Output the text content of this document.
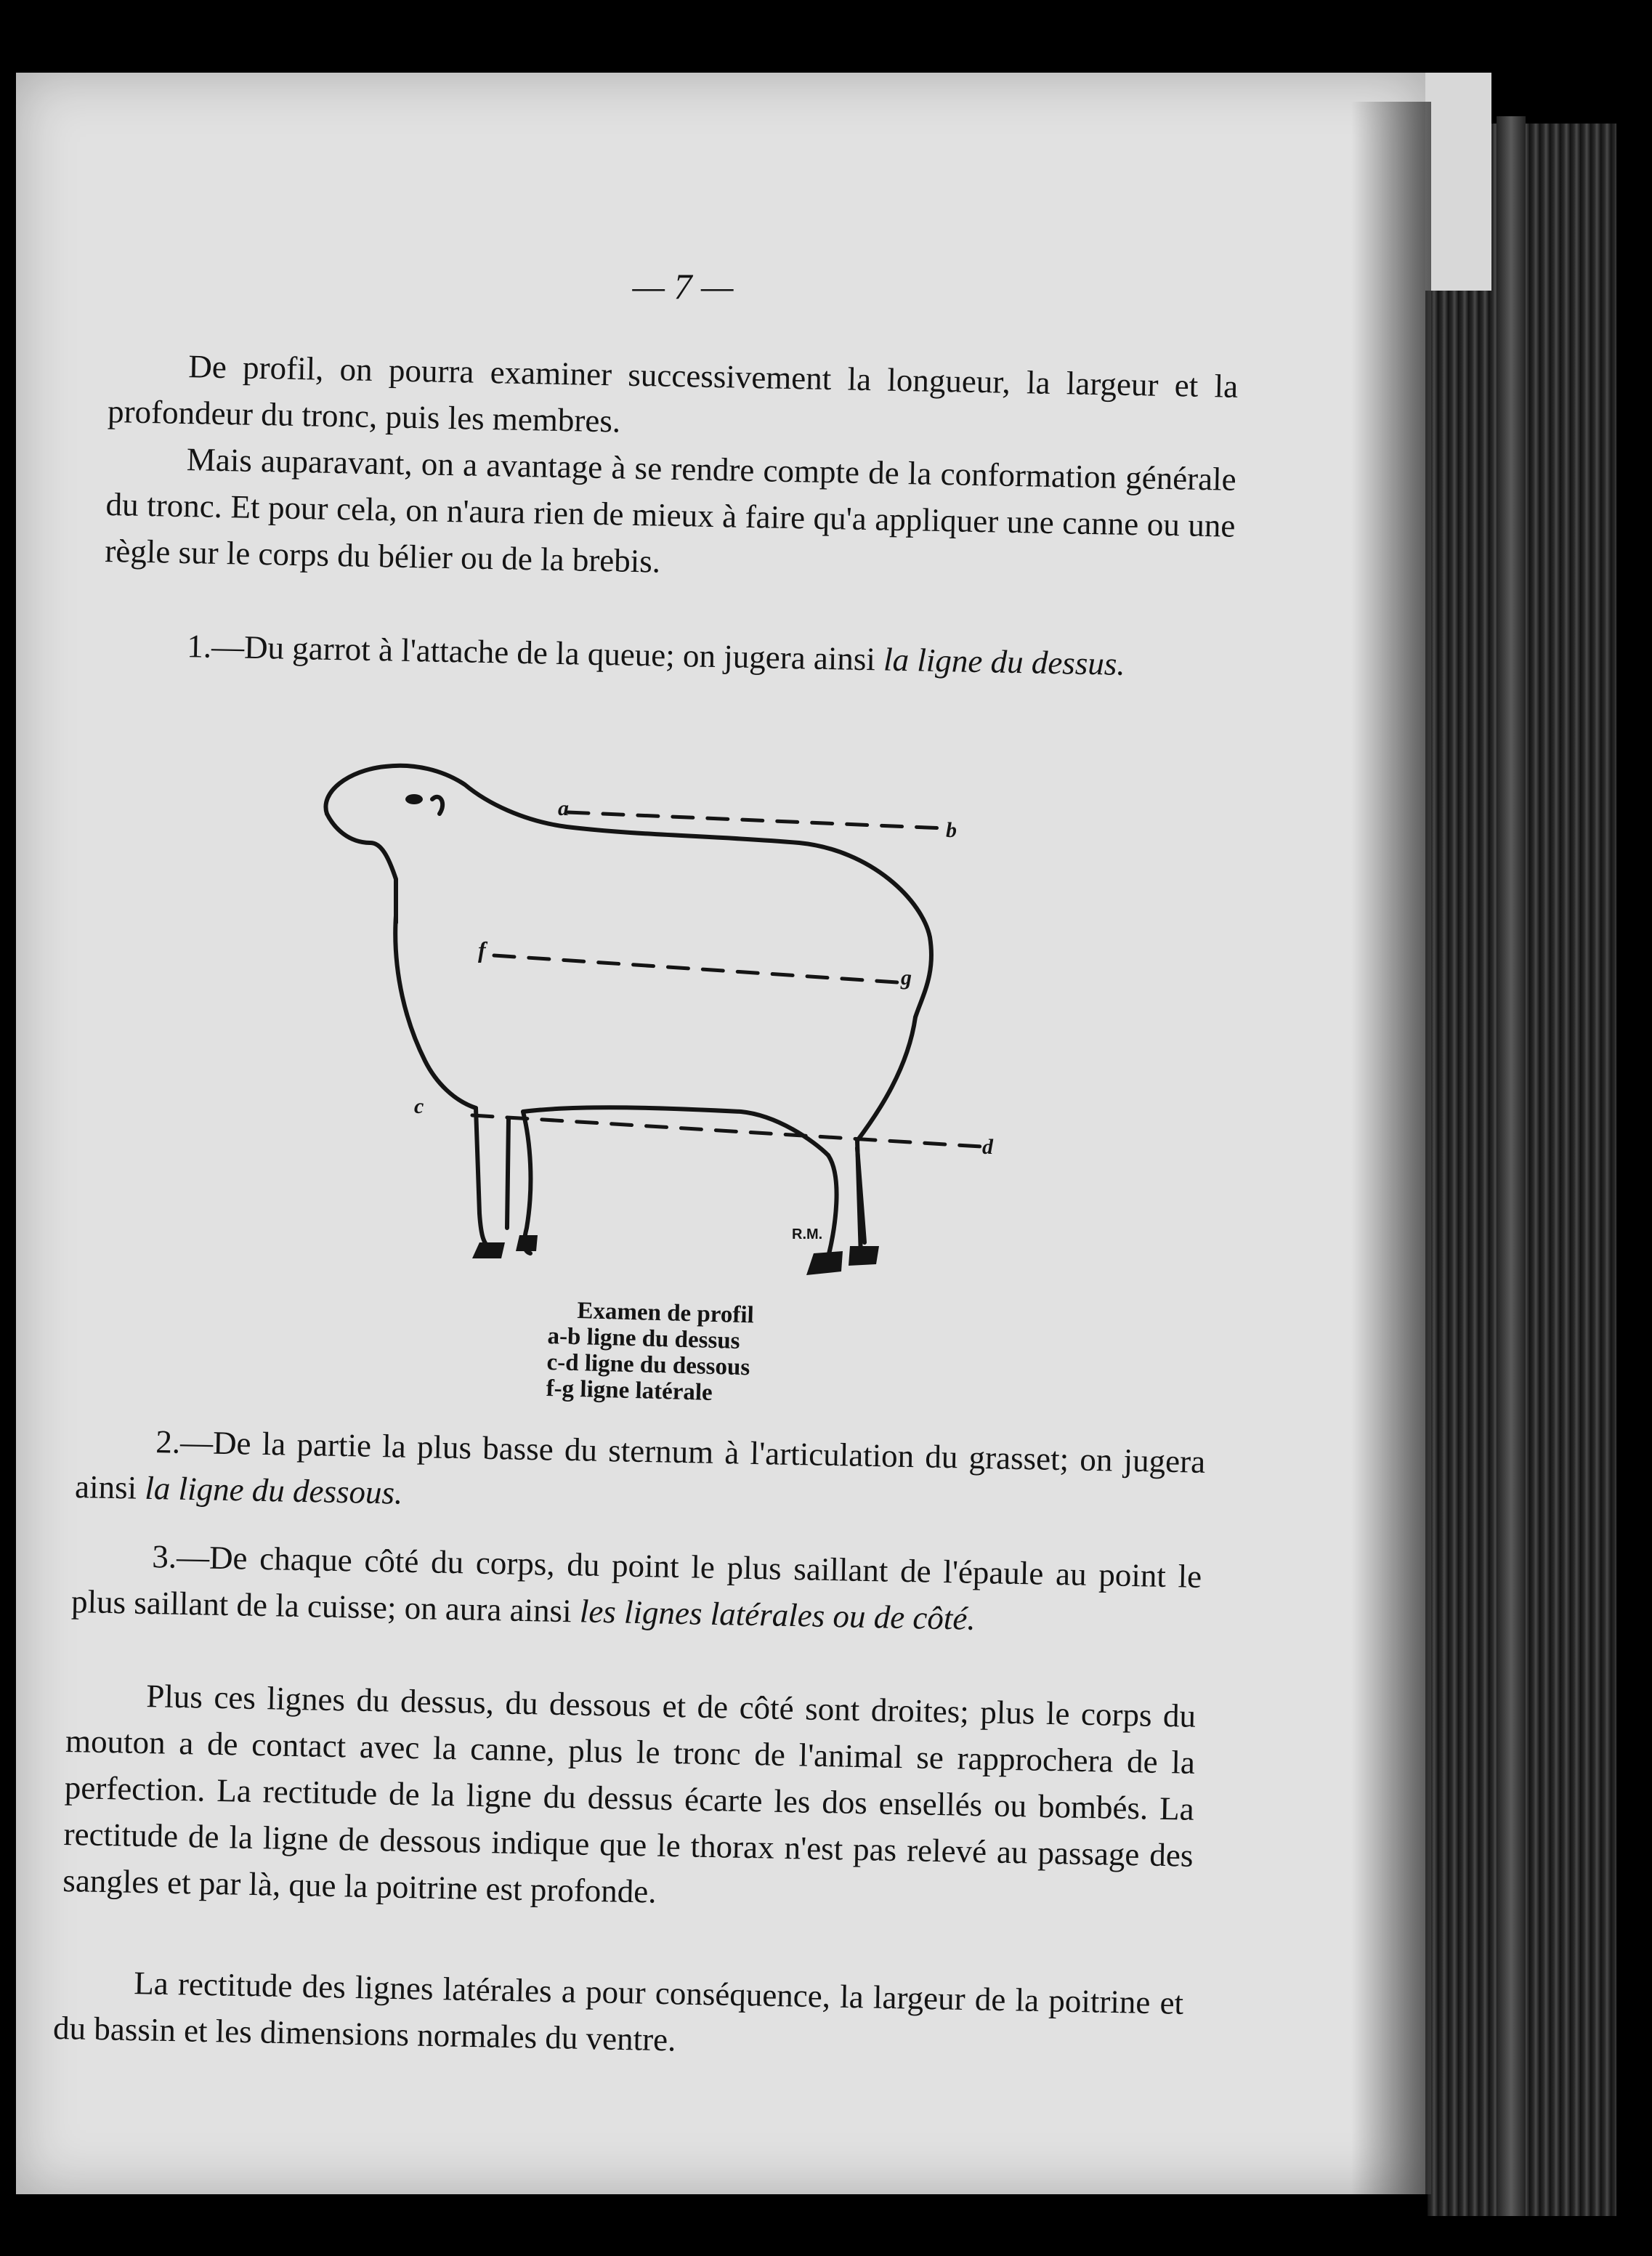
— 7 —

De profil, on pourra examiner successivement la longueur, la largeur et la profondeur du tronc, puis les membres.

Mais auparavant, on a avantage à se rendre compte de la conformation générale du tronc. Et pour cela, on n'aura rien de mieux à faire qu'a appliquer une canne ou une règle sur le corps du bélier ou de la brebis.

1.—Du garrot à l'attache de la queue; on jugera ainsi la ligne du dessus.
a
b
f
g
c
d
R.M.
Examen de profil
a-b ligne du dessus
c-d ligne du dessous
f-g ligne latérale
2.—De la partie la plus basse du sternum à l'articulation du grasset; on jugera ainsi la ligne du dessous.
3.—De chaque côté du corps, du point le plus saillant de l'épaule au point le plus saillant de la cuisse; on aura ainsi les lignes latérales ou de côté.

Plus ces lignes du dessus, du dessous et de côté sont droites; plus le corps du mouton a de contact avec la canne, plus le tronc de l'animal se rapprochera de la perfection. La rectitude de la ligne du dessus écarte les dos ensellés ou bombés. La rectitude de la ligne de dessous indique que le thorax n'est pas relevé au passage des sangles et par là, que la poitrine est profonde.

La rectitude des lignes latérales a pour conséquence, la largeur de la poitrine et du bassin et les dimensions normales du ventre.
